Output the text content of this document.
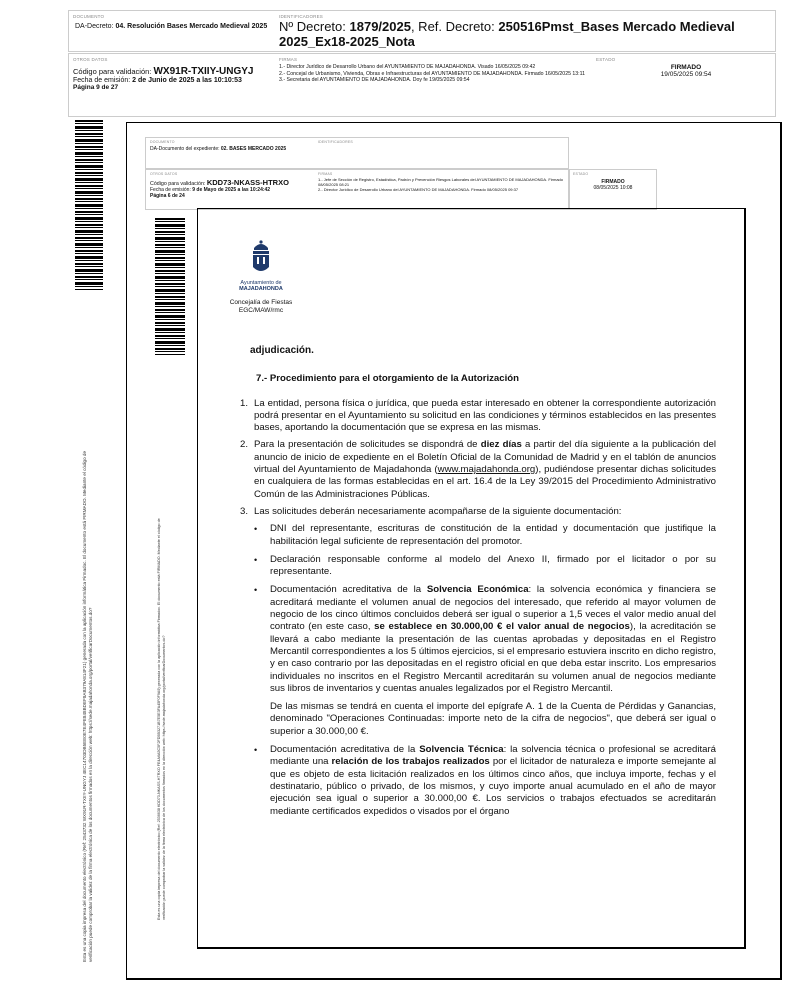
DOCUMENTO
DA-Decreto: 04. Resolución Bases Mercado Medieval 2025
IDENTIFICADORES
Nº Decreto: 1879/2025, Ref. Decreto: 250516Pmst_Bases Mercado Medieval 2025_Ex18-2025_Nota
OTROS DATOS
Código para validación: WX91R-TXIIY-UNGYJ
Fecha de emisión: 2 de Junio de 2025 a las 10:10:53
Página 9 de 27
FIRMAS
1.- Director Jurídico de Desarrollo Urbano del AYUNTAMIENTO DE MAJADAHONDA. Visado 16/05/2025 09:42
2.- Concejal de Urbanismo, Vivienda, Obras e Infraestructuras del AYUNTAMIENTO DE MAJADAHONDA. Firmado 16/05/2025 13:11
3.- Secretaria del AYUNTAMIENTO DE MAJADAHONDA. Doy fe 19/05/2025 09:54
ESTADO
FIRMADO
19/05/2025 09:54
Esta es una copia impresa del documento electrónico (Ref: 2543732 WX91R-TXIIY-UNGYJ 4EC14703DB5EE0E7E4FE848BDEF8AB379A814F21) generada con la aplicación informática Firmadoc. El documento está FIRMADO. Mediante el código de verificación puede comprobar la validez de la firma electrónica de los documentos firmados en la dirección web: https://sede.majadahonda.org/portal/verificarDocumentos.do?
DOCUMENTO
DA-Documento del expediente: 02. BASES MERCADO 2025
IDENTIFICADORES
OTROS DATOS
Código para validación: KDD73-NKASS-HTRXO
Fecha de emisión: 9 de Mayo de 2025 a las 10:24:42
Página 6 de 24
FIRMAS
1.- Jefe de Sección de Registro, Estadística, Padrón y Prevención Riesgos Laborales del AYUNTAMIENTO DE MAJADAHONDA. Firmado 08/05/2025 08:21
2.- Director Jurídico de Desarrollo Urbano del AYUNTAMIENTO DE MAJADAHONDA. Firmado 08/05/2025 09:37
ESTADO
FIRMADO
08/05/2025 10:08
Esta es una copia impresa del documento electrónico (Ref: 2536638 KDD73-NKASS-HTRXO FE4A6A5C5F2FD5B3271B7E5E3FA45F0F9A9) generada con la aplicación informática Firmadoc. El documento está FIRMADO. Mediante el código de verificación puede comprobar la validez de la firma electrónica de los documentos firmados en la dirección web: https://sede.majadahonda.org/portal/verificarDocumentos.do?
Ayuntamiento de
MAJADAHONDA
Concejalía de Fiestas
EGC/MAW/rmc
adjudicación.
7.- Procedimiento para el otorgamiento de la Autorización
1. La entidad, persona física o jurídica, que pueda estar interesado en obtener la correspondiente autorización podrá presentar en el Ayuntamiento su solicitud en las condiciones y términos establecidos en las presentes bases, aportando la documentación que se expresa en las mismas.
2. Para la presentación de solicitudes se dispondrá de diez días a partir del día siguiente a la publicación del anuncio de inicio de expediente en el Boletín Oficial de la Comunidad de Madrid y en el tablón de anuncios virtual del Ayuntamiento de Majadahonda (www.majadahonda.org), pudiéndose presentar dichas solicitudes en cualquiera de las formas establecidas en el art. 16.4 de la Ley 39/2015 del Procedimiento Administrativo Común de las Administraciones Públicas.
3. Las solicitudes deberán necesariamente acompañarse de la siguiente documentación:
•	DNI del representante, escrituras de constitución de la entidad y documentación que justifique la habilitación legal suficiente de representación del promotor.
•	Declaración responsable conforme al modelo del Anexo II, firmado por el licitador o por su representante.
•	Documentación acreditativa de la Solvencia Económica: la solvencia económica y financiera se acreditará mediante el volumen anual de negocios del interesado, que referido al mayor volumen de negocio de los cinco últimos concluidos deberá ser igual o superior a 1,5 veces el valor medio anual del contrato (en este caso, se establece en 30.000,00 € el valor anual de negocios), la acreditación se llevará a cabo mediante la presentación de las cuentas aprobadas y depositadas en el Registro Mercantil correspondientes a los 5 últimos ejercicios, si el empresario estuviera inscrito en dicho registro, y en caso contrario por las depositadas en el registro oficial en que deba estar inscrito. Los empresarios individuales no inscritos en el Registro Mercantil acreditarán su volumen anual de negocios mediante sus libros de inventarios y cuentas anuales legalizados por el Registro Mercantil.
De las mismas se tendrá en cuenta el importe del epígrafe A. 1 de la Cuenta de Pérdidas y Ganancias, denominado "Operaciones Continuadas: importe neto de la cifra de negocios", que deberá ser igual o superior a 30.000,00 €.
•	Documentación acreditativa de la Solvencia Técnica: la solvencia técnica o profesional se acreditará mediante una relación de los trabajos realizados por el licitador de naturaleza e importe semejante al que es objeto de esta licitación realizados en los últimos cinco años, que incluya importe, fechas y el destinatario, público o privado, de los mismos, y cuyo importe anual acumulado en el año de mayor ejecución sea igual o superior a 30.000,00 €. Los servicios o trabajos efectuados se acreditarán mediante certificados expedidos o visados por el órgano
